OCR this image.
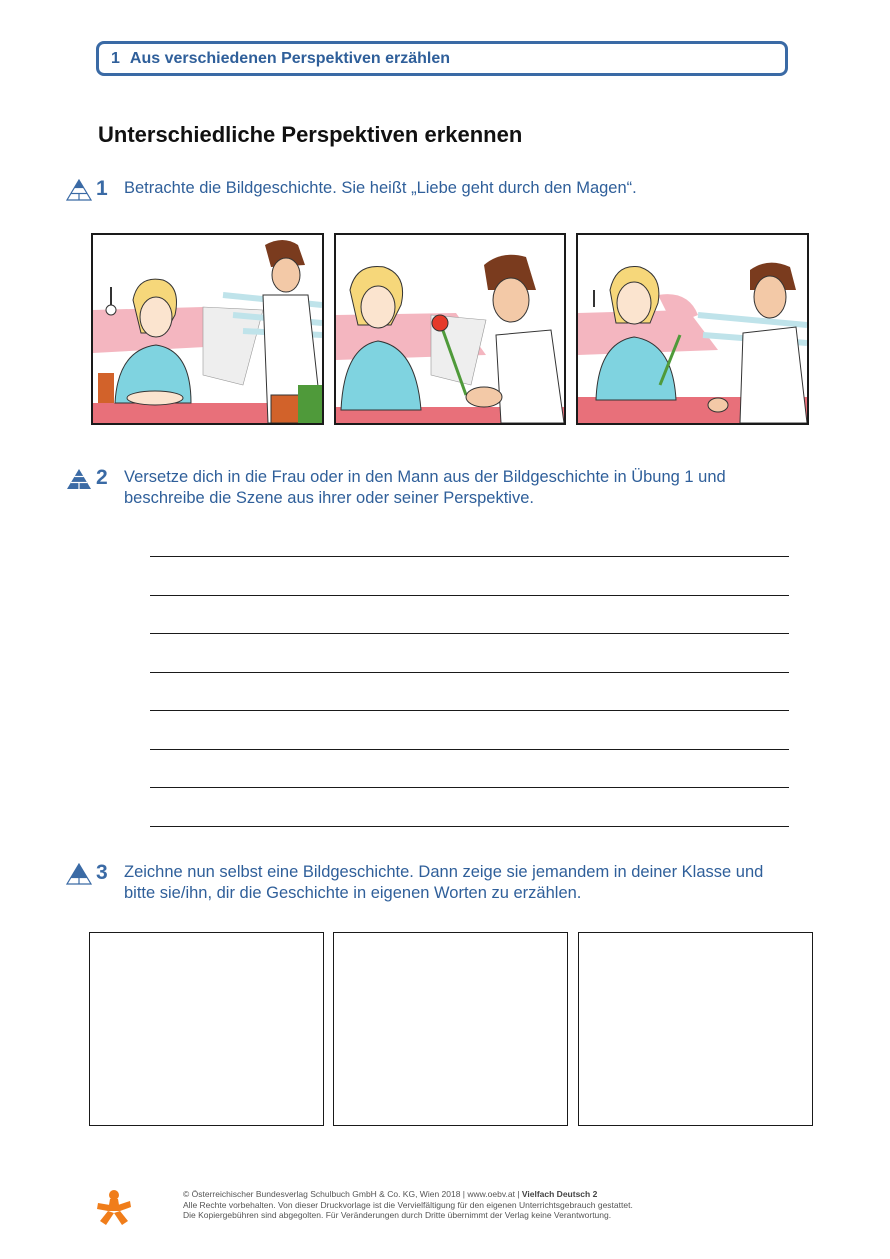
1 Aus verschiedenen Perspektiven erzählen
Unterschiedliche Perspektiven erkennen
1 Betrachte die Bildgeschichte. Sie heißt „Liebe geht durch den Magen“.
2 Versetze dich in die Frau oder in den Mann aus der Bildgeschichte in Übung 1 und beschreibe die Szene aus ihrer oder seiner Perspektive.
3 Zeichne nun selbst eine Bildgeschichte. Dann zeige sie jemandem in deiner Klasse und bitte sie/ihn, dir die Geschichte in eigenen Worten zu erzählen.
© Österreichischer Bundesverlag Schulbuch GmbH & Co. KG, Wien 2018 | www.oebv.at | Vielfach Deutsch 2
Alle Rechte vorbehalten. Von dieser Druckvorlage ist die Vervielfältigung für den eigenen Unterrichtsgebrauch gestattet.
Die Kopiergebühren sind abgegolten. Für Veränderungen durch Dritte übernimmt der Verlag keine Verantwortung.
